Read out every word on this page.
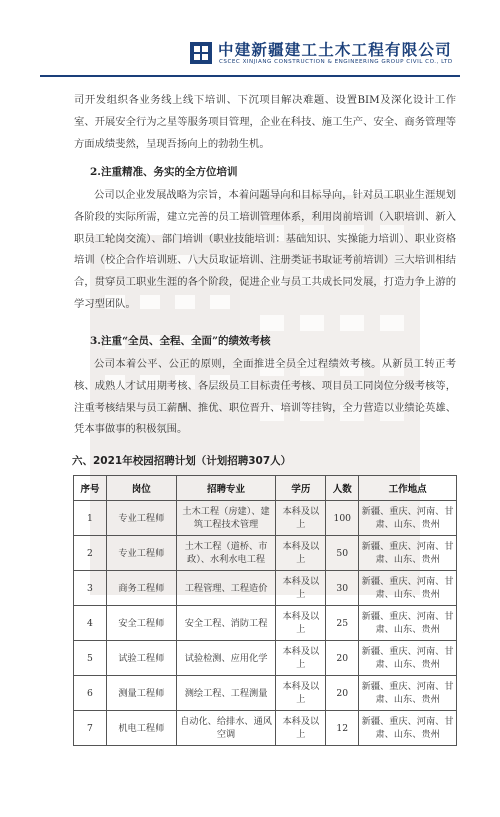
中建新疆建工土木工程有限公司
CSCEC XINJIANG CONSTRUCTION & ENGINEERING GROUP CIVIL CO., LTD

司开发组织各业务线上线下培训、下沉项目解决难题、设置BIM及深化设计工作室、开展安全行为之星等服务项目管理，企业在科技、施工生产、安全、商务管理等方面成绩斐然，呈现吾扬向上的勃勃生机。

2.注重精准、务实的全方位培训

公司以企业发展战略为宗旨，本着问题导向和目标导向，针对员工职业生涯规划各阶段的实际所需，建立完善的员工培训管理体系，利用岗前培训（入职培训、新入职员工轮岗交流）、部门培训（职业技能培训：基础知识、实操能力培训）、职业资格培训（校企合作培训班、八大员取证培训、注册类证书取证考前培训）三大培训相结合，贯穿员工职业生涯的各个阶段，促进企业与员工共成长同发展，打造力争上游的学习型团队。

3.注重“全员、全程、全面”的绩效考核

公司本着公平、公正的原则，全面推进全员全过程绩效考核。从新员工转正考核、成熟人才试用期考核、各层级员工目标责任考核、项目员工同岗位分级考核等，注重考核结果与员工薪酬、推优、职位晋升、培训等挂钩，全力营造以业绩论英雄、凭本事做事的积极氛围。

六、2021年校园招聘计划（计划招聘307人）
序号	岗位	招聘专业	学历	人数	工作地点
1	专业工程师	土木工程（房建）、建筑工程技术管理	本科及以上	100	新疆、重庆、河南、甘肃、山东、贵州
2	专业工程师	土木工程（道桥、市政）、水利水电工程	本科及以上	50	新疆、重庆、河南、甘肃、山东、贵州
3	商务工程师	工程管理、工程造价	本科及以上	30	新疆、重庆、河南、甘肃、山东、贵州
4	安全工程师	安全工程、消防工程	本科及以上	25	新疆、重庆、河南、甘肃、山东、贵州
5	试验工程师	试验检测、应用化学	本科及以上	20	新疆、重庆、河南、甘肃、山东、贵州
6	测量工程师	测绘工程、工程测量	本科及以上	20	新疆、重庆、河南、甘肃、山东、贵州
7	机电工程师	自动化、给排水、通风空调	本科及以上	12	新疆、重庆、河南、甘肃、山东、贵州
